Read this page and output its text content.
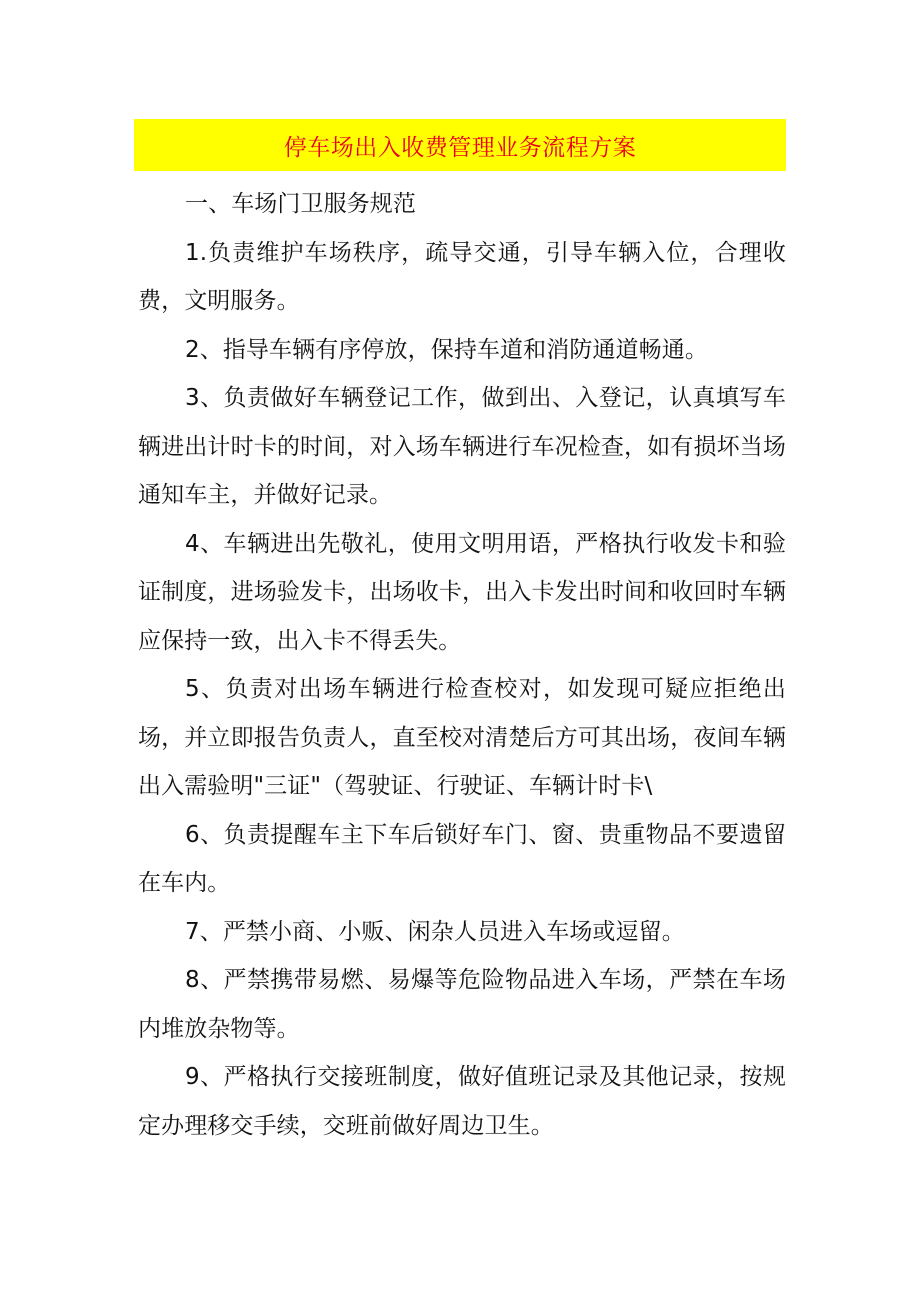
停车场出入收费管理业务流程方案

一、车场门卫服务规范

1.负责维护车场秩序，疏导交通，引导车辆入位，合理收费，文明服务。

2、指导车辆有序停放，保持车道和消防通道畅通。

3、负责做好车辆登记工作，做到出、入登记，认真填写车辆进出计时卡的时间，对入场车辆进行车况检查，如有损坏当场通知车主，并做好记录。

4、车辆进出先敬礼，使用文明用语，严格执行收发卡和验证制度，进场验发卡，出场收卡，出入卡发出时间和收回时车辆应保持一致，出入卡不得丢失。

5、负责对出场车辆进行检查校对，如发现可疑应拒绝出场，并立即报告负责人，直至校对清楚后方可其出场，夜间车辆出入需验明"三证"（驾驶证、行驶证、车辆计时卡\

6、负责提醒车主下车后锁好车门、窗、贵重物品不要遗留在车内。

7、严禁小商、小贩、闲杂人员进入车场或逗留。

8、严禁携带易燃、易爆等危险物品进入车场，严禁在车场内堆放杂物等。

9、严格执行交接班制度，做好值班记录及其他记录，按规定办理移交手续，交班前做好周边卫生。
